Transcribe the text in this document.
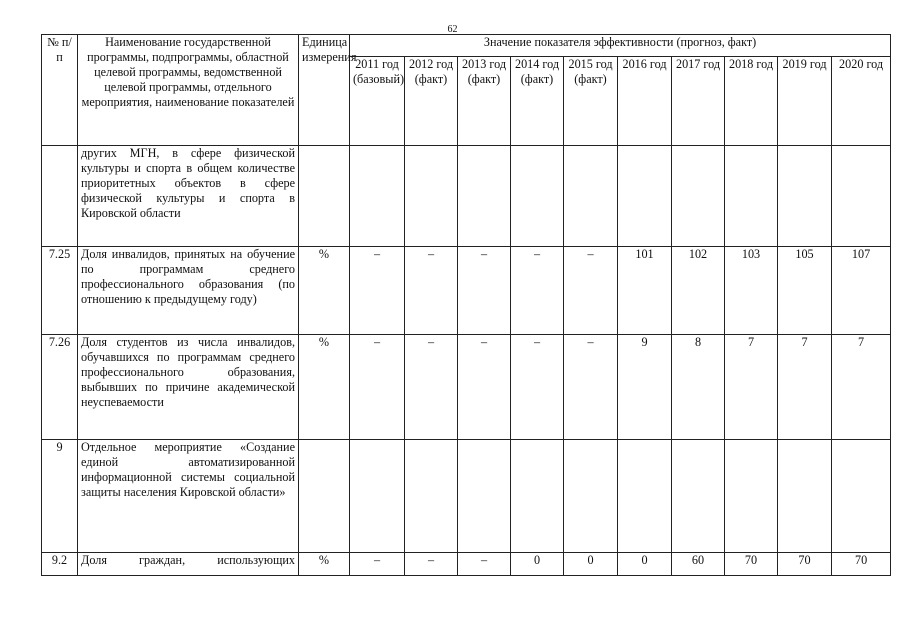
62
№ п/п	Наименование государственной программы, подпрограммы, областной целевой программы, ведомственной целевой программы, отдельного мероприятия, наименование показателей	Единица измерения	Значение показателя эффективности (прогноз, факт)									
			2011 год (базовый)	2012 год (факт)	2013 год (факт)	2014 год (факт)	2015 год (факт)	2016 год	2017 год	2018 год	2019 год	2020 год
	других МГН, в сфере физической культуры и спорта в общем количестве приоритетных объектов в сфере физической культуры и спорта в Кировской области											
7.25	Доля инвалидов, принятых на обучение по программам среднего профессионального образования (по отношению к предыдущему году)	%	–	–	–	–	–	101	102	103	105	107
7.26	Доля студентов из числа инвалидов, обучавшихся по программам среднего профессионального образования, выбывших по причине академической неуспеваемости	%	–	–	–	–	–	9	8	7	7	7
9	Отдельное мероприятие «Создание единой автоматизированной информационной системы социальной защиты населения Кировской области»											
9.2	Доля граждан, использующих	%	–	–	–	0	0	0	60	70	70	70
